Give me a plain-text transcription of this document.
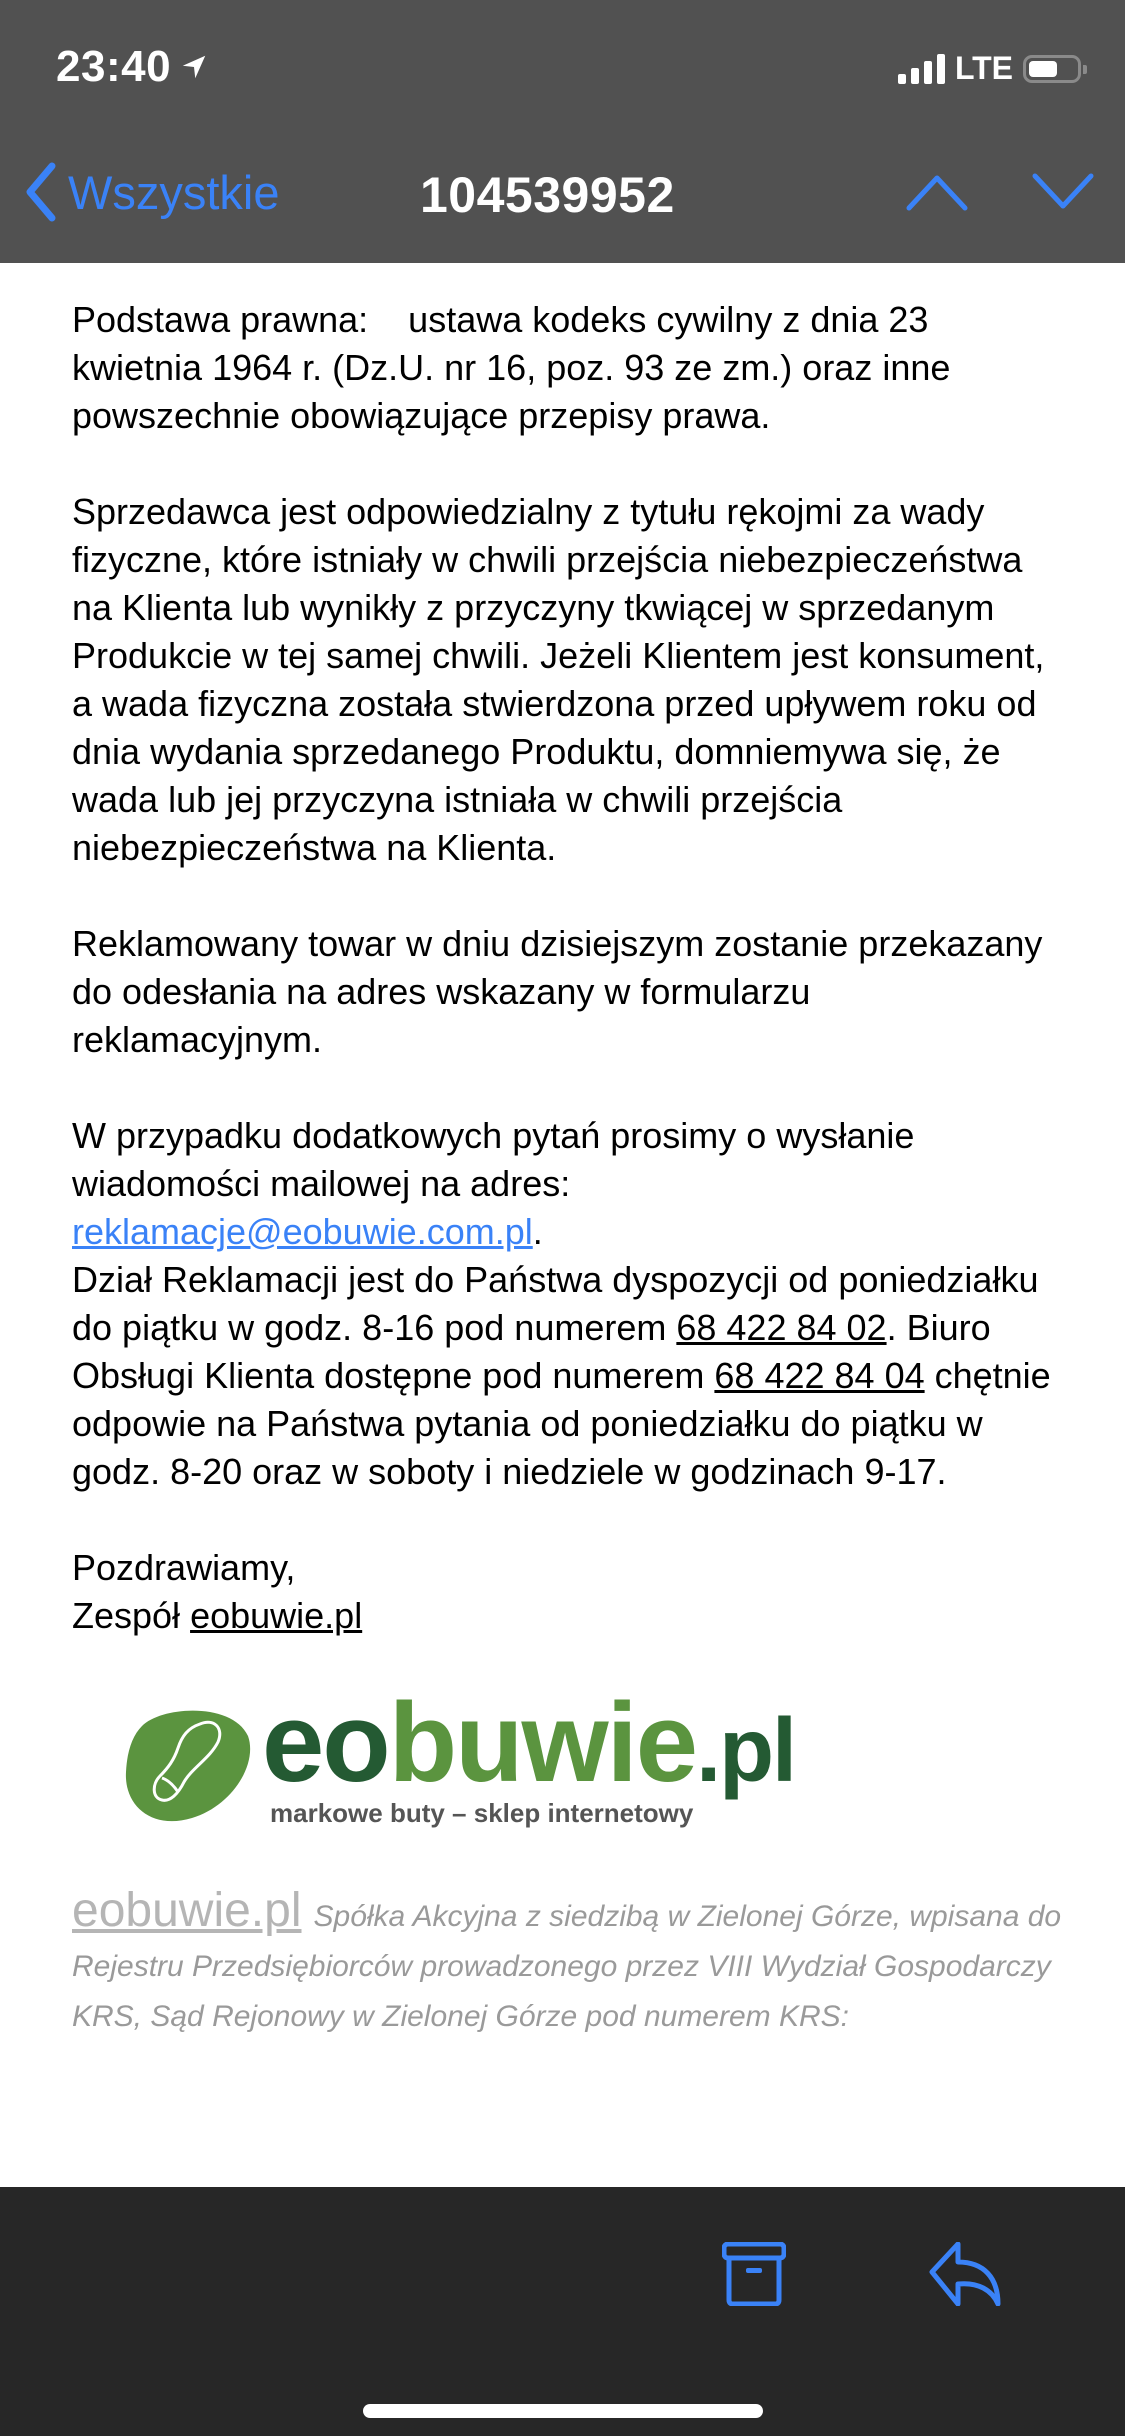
23:40	LTE
Wszystkie	104539952

Podstawa prawna:    ustawa kodeks cywilny z dnia 23 kwietnia 1964 r. (Dz.U. nr 16, poz. 93 ze zm.) oraz inne powszechnie obowiązujące przepisy prawa.

Sprzedawca jest odpowiedzialny z tytułu rękojmi za wady fizyczne, które istniały w chwili przejścia niebezpieczeństwa na Klienta lub wynikły z przyczyny tkwiącej w sprzedanym Produkcie w tej samej chwili. Jeżeli Klientem jest konsument, a wada fizyczna została stwierdzona przed upływem roku od dnia wydania sprzedanego Produktu, domniemywa się, że wada lub jej przyczyna istniała w chwili przejścia niebezpieczeństwa na Klienta.

Reklamowany towar w dniu dzisiejszym zostanie przekazany do odesłania na adres wskazany w formularzu reklamacyjnym.

W przypadku dodatkowych pytań prosimy o wysłanie wiadomości mailowej na adres:
reklamacje@eobuwie.com.pl.
Dział Reklamacji jest do Państwa dyspozycji od poniedziałku do piątku w godz. 8-16 pod numerem 68 422 84 02. Biuro Obsługi Klienta dostępne pod numerem 68 422 84 04 chętnie odpowie na Państwa pytania od poniedziałku do piątku w godz. 8-20 oraz w soboty i niedziele w godzinach 9-17.

Pozdrawiamy,
Zespół eobuwie.pl
eobuwie.pl
markowe buty – sklep internetowy
eobuwie.pl Spółka Akcyjna z siedzibą w Zielonej Górze, wpisana do Rejestru Przedsiębiorców prowadzonego przez VIII Wydział Gospodarczy KRS, Sąd Rejonowy w Zielonej Górze pod numerem KRS:
